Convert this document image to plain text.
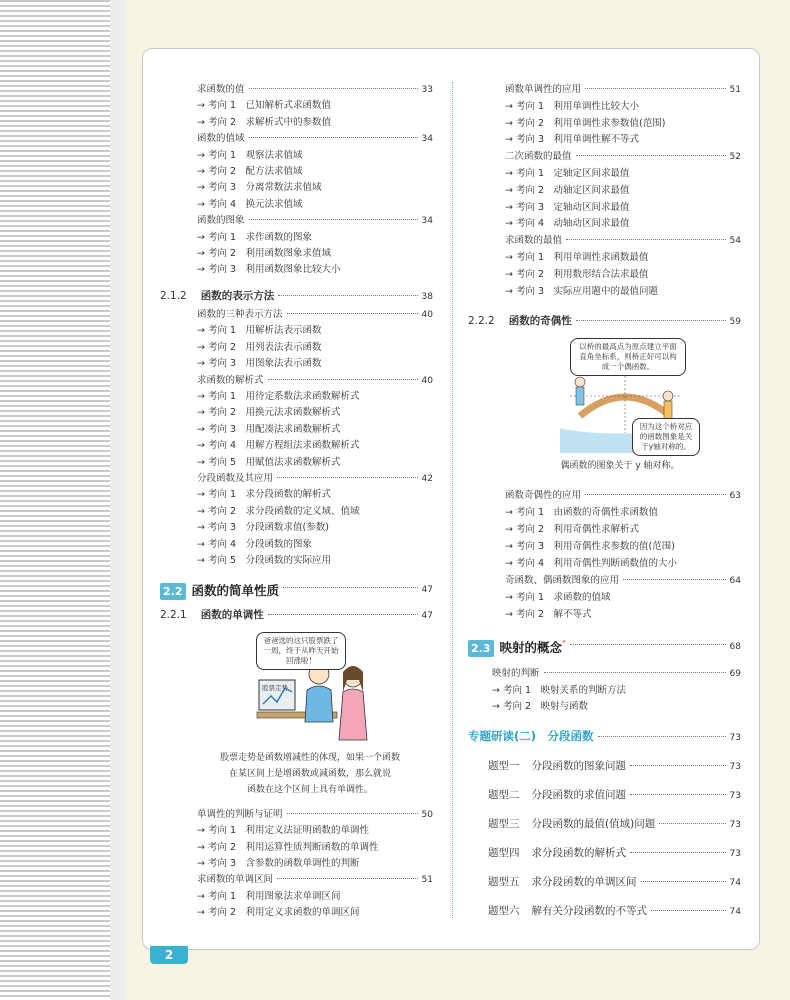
求函数的值	33
→ 考向 1　已知解析式求函数值
→ 考向 2　求解析式中的参数值
函数的值域	34
→ 考向 1　观察法求值域
→ 考向 2　配方法求值域
→ 考向 3　分离常数法求值域
→ 考向 4　换元法求值域
函数的图象	34
→ 考向 1　求作函数的图象
→ 考向 2　利用函数图象求值域
→ 考向 3　利用函数图象比较大小
2.1.2 函数的表示方法	38
函数的三种表示方法	40
→ 考向 1　用解析法表示函数
→ 考向 2　用列表法表示函数
→ 考向 3　用图象法表示函数
求函数的解析式	40
→ 考向 1　用待定系数法求函数解析式
→ 考向 2　用换元法求函数解析式
→ 考向 3　用配凑法求函数解析式
→ 考向 4　用解方程组法求函数解析式
→ 考向 5　用赋值法求函数解析式
分段函数及其应用	42
→ 考向 1　求分段函数的解析式
→ 考向 2　求分段函数的定义域、值域
→ 考向 3　分段函数求值(参数)
→ 考向 4　分段函数的图象
→ 考向 5　分段函数的实际应用
2.2 函数的简单性质	47
2.2.1 函数的单调性	47
爸爸选的这只股票跌了一周，终于从昨天开始回涨啦！
股票走势
股票走势是函数增减性的体现，如果一个函数
在某区间上是增函数或减函数，那么就说
函数在这个区间上具有单调性。
单调性的判断与证明	50
→ 考向 1　利用定义法证明函数的单调性
→ 考向 2　利用运算性质判断函数的单调性
→ 考向 3　含参数的函数单调性的判断
求函数的单调区间	51
→ 考向 1　利用图象法求单调区间
→ 考向 2　利用定义求函数的单调区间
函数单调性的应用	51
→ 考向 1　利用单调性比较大小
→ 考向 2　利用单调性求参数值(范围)
→ 考向 3　利用单调性解不等式
二次函数的最值	52
→ 考向 1　定轴定区间求最值
→ 考向 2　动轴定区间求最值
→ 考向 3　定轴动区间求最值
→ 考向 4　动轴动区间求最值
求函数的最值	54
→ 考向 1　利用单调性求函数最值
→ 考向 2　利用数形结合法求最值
→ 考向 3　实际应用题中的最值问题
2.2.2 函数的奇偶性	59
以桥的最高点为原点建立平面直角坐标系，则桥正好可以构成一个偶函数。
因为这个桥对应的函数图象是关于y轴对称的。
偶函数的图象关于 y 轴对称。
函数奇偶性的应用	63
→ 考向 1　由函数的奇偶性求函数值
→ 考向 2　利用奇偶性求解析式
→ 考向 3　利用奇偶性求参数的值(范围)
→ 考向 4　利用奇偶性判断函数值的大小
奇函数、偶函数图象的应用	64
→ 考向 1　求函数的值域
→ 考向 2　解不等式
2.3 映射的概念*	68
映射的判断	69
→ 考向 1　映射关系的判断方法
→ 考向 2　映射与函数
专题研读(二)　分段函数	73
题型一 分段函数的图象问题	73
题型二 分段函数的求值问题	73
题型三 分段函数的最值(值域)问题	73
题型四 求分段函数的解析式	73
题型五 求分段函数的单调区间	74
题型六 解有关分段函数的不等式	74
2
